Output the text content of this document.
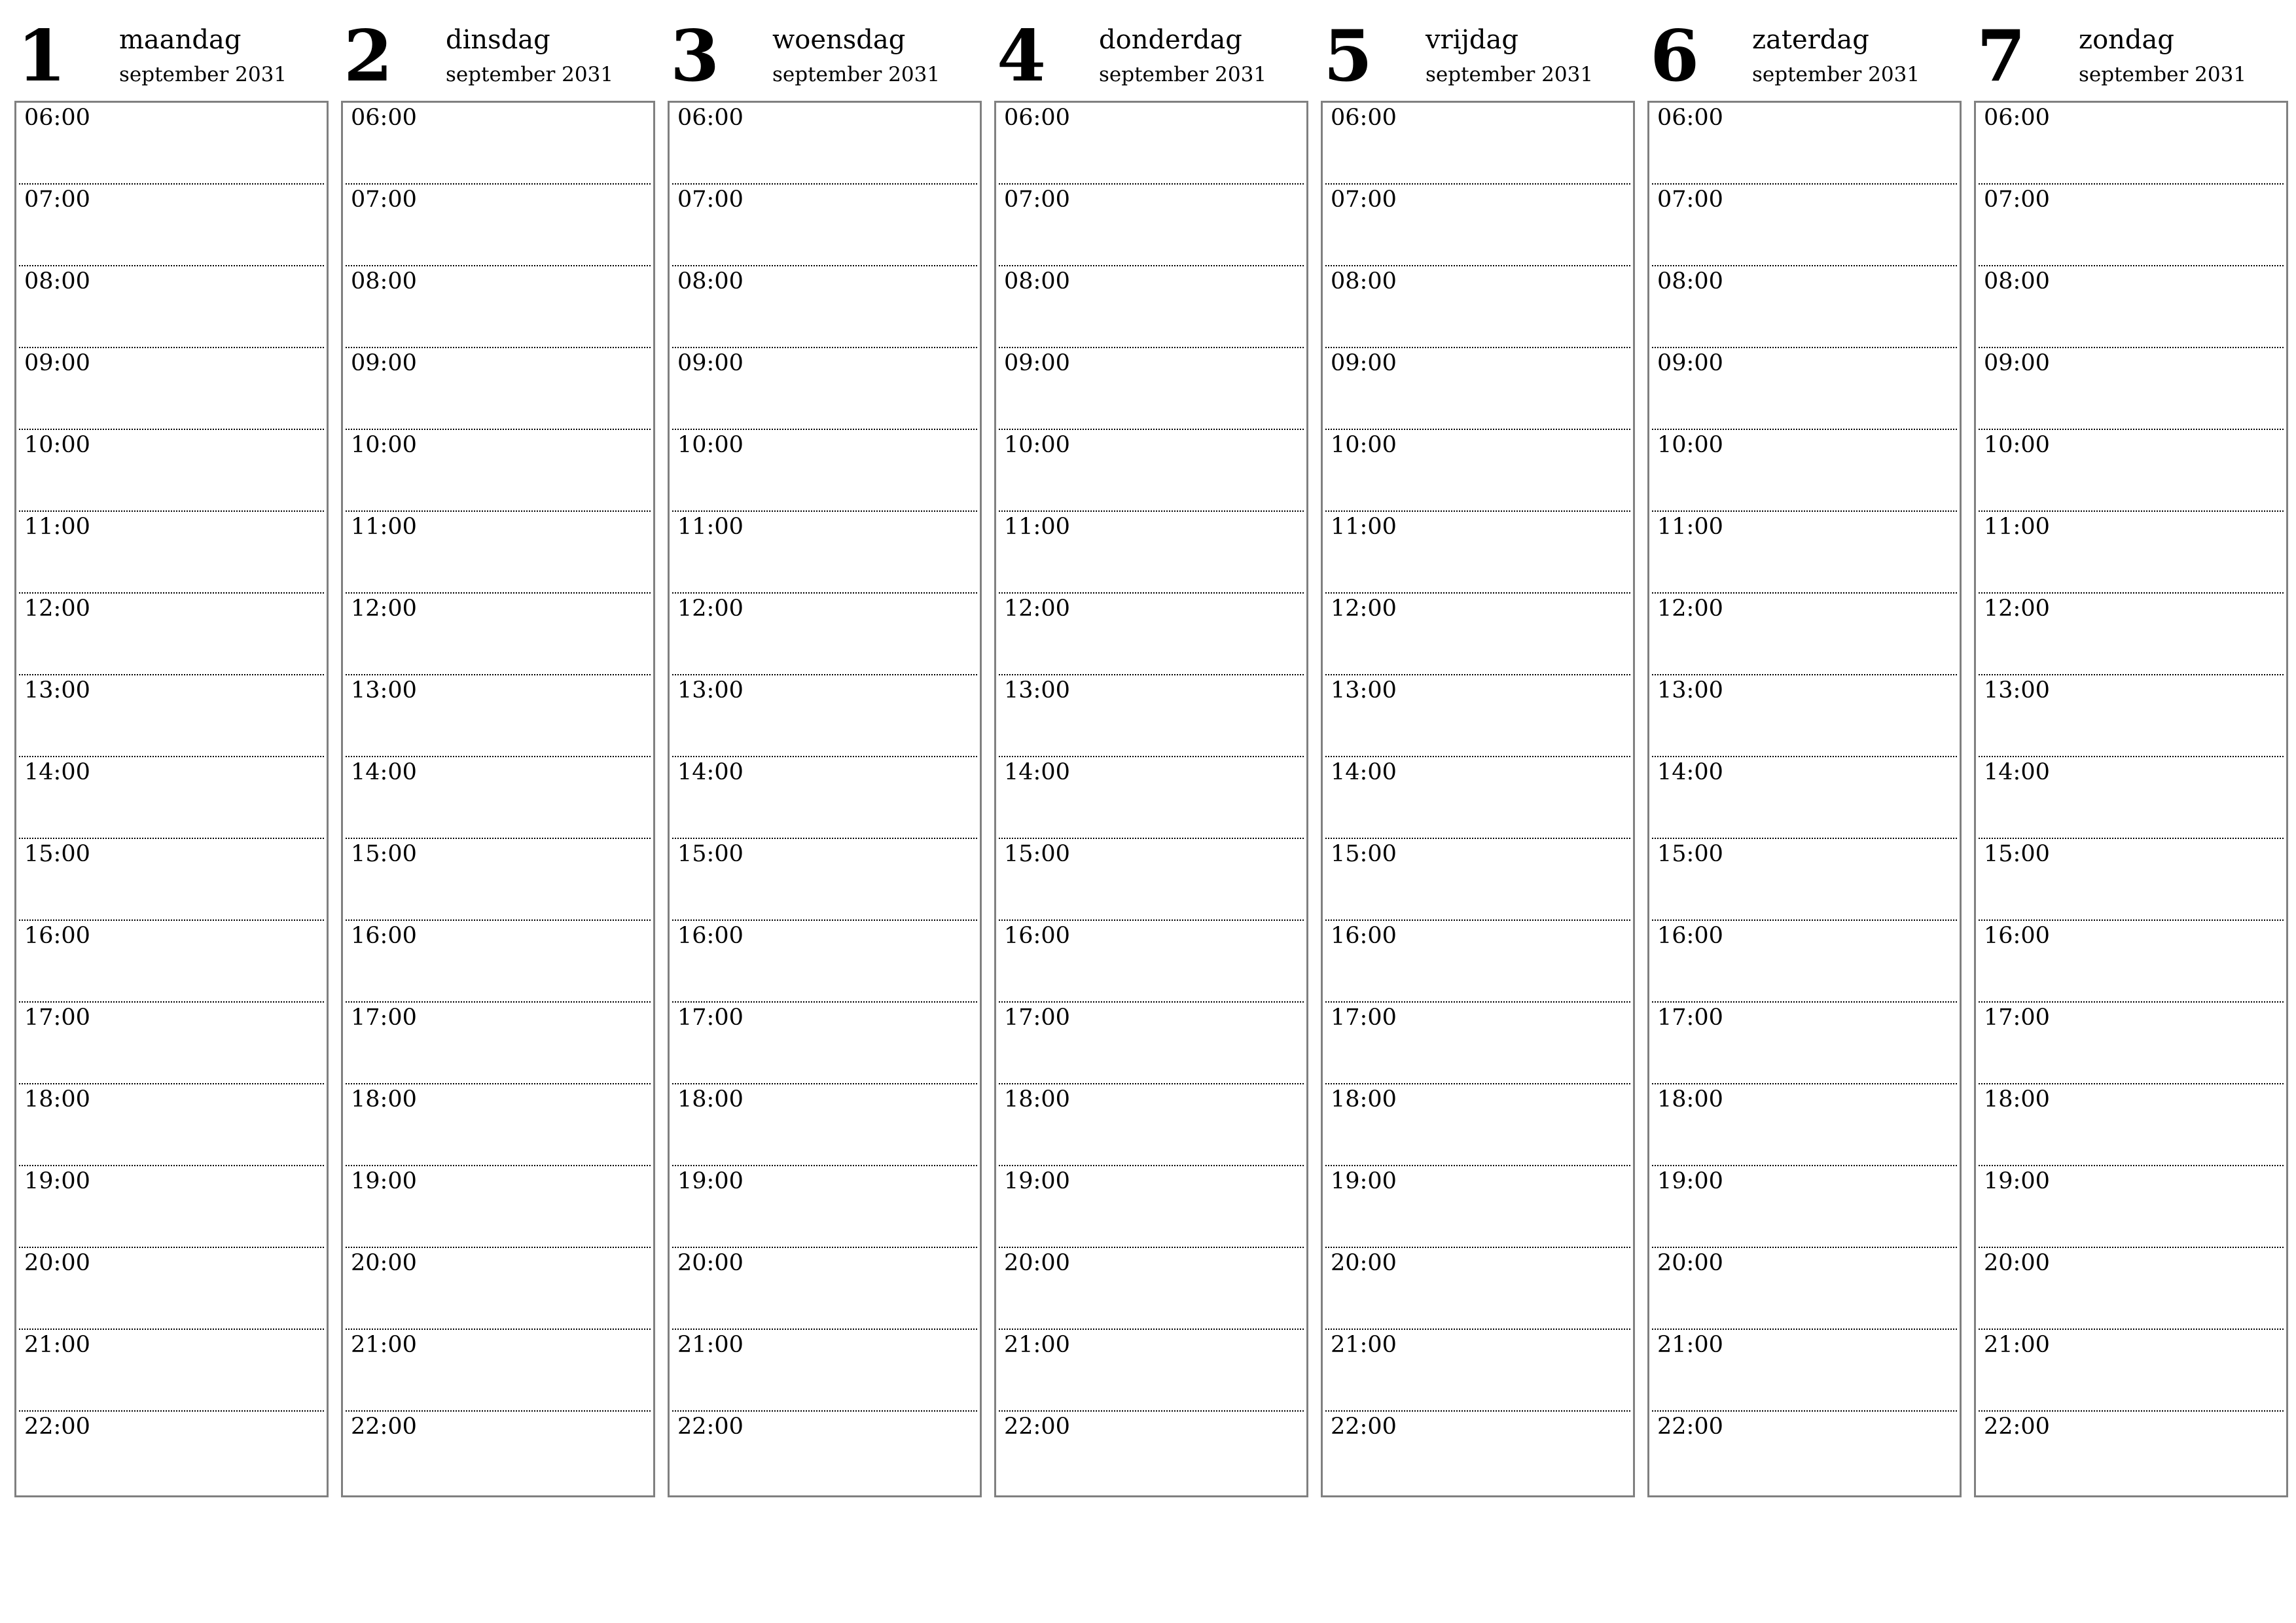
1 maandag
september 2031
06:00
07:00
08:00
09:00
10:00
11:00
12:00
13:00
14:00
15:00
16:00
17:00
18:00
19:00
20:00
21:00
22:00
2 dinsdag
september 2031
06:00
07:00
08:00
09:00
10:00
11:00
12:00
13:00
14:00
15:00
16:00
17:00
18:00
19:00
20:00
21:00
22:00
3 woensdag
september 2031
06:00
07:00
08:00
09:00
10:00
11:00
12:00
13:00
14:00
15:00
16:00
17:00
18:00
19:00
20:00
21:00
22:00
4 donderdag
september 2031
06:00
07:00
08:00
09:00
10:00
11:00
12:00
13:00
14:00
15:00
16:00
17:00
18:00
19:00
20:00
21:00
22:00
5 vrijdag
september 2031
06:00
07:00
08:00
09:00
10:00
11:00
12:00
13:00
14:00
15:00
16:00
17:00
18:00
19:00
20:00
21:00
22:00
6 zaterdag
september 2031
06:00
07:00
08:00
09:00
10:00
11:00
12:00
13:00
14:00
15:00
16:00
17:00
18:00
19:00
20:00
21:00
22:00
7 zondag
september 2031
06:00
07:00
08:00
09:00
10:00
11:00
12:00
13:00
14:00
15:00
16:00
17:00
18:00
19:00
20:00
21:00
22:00
